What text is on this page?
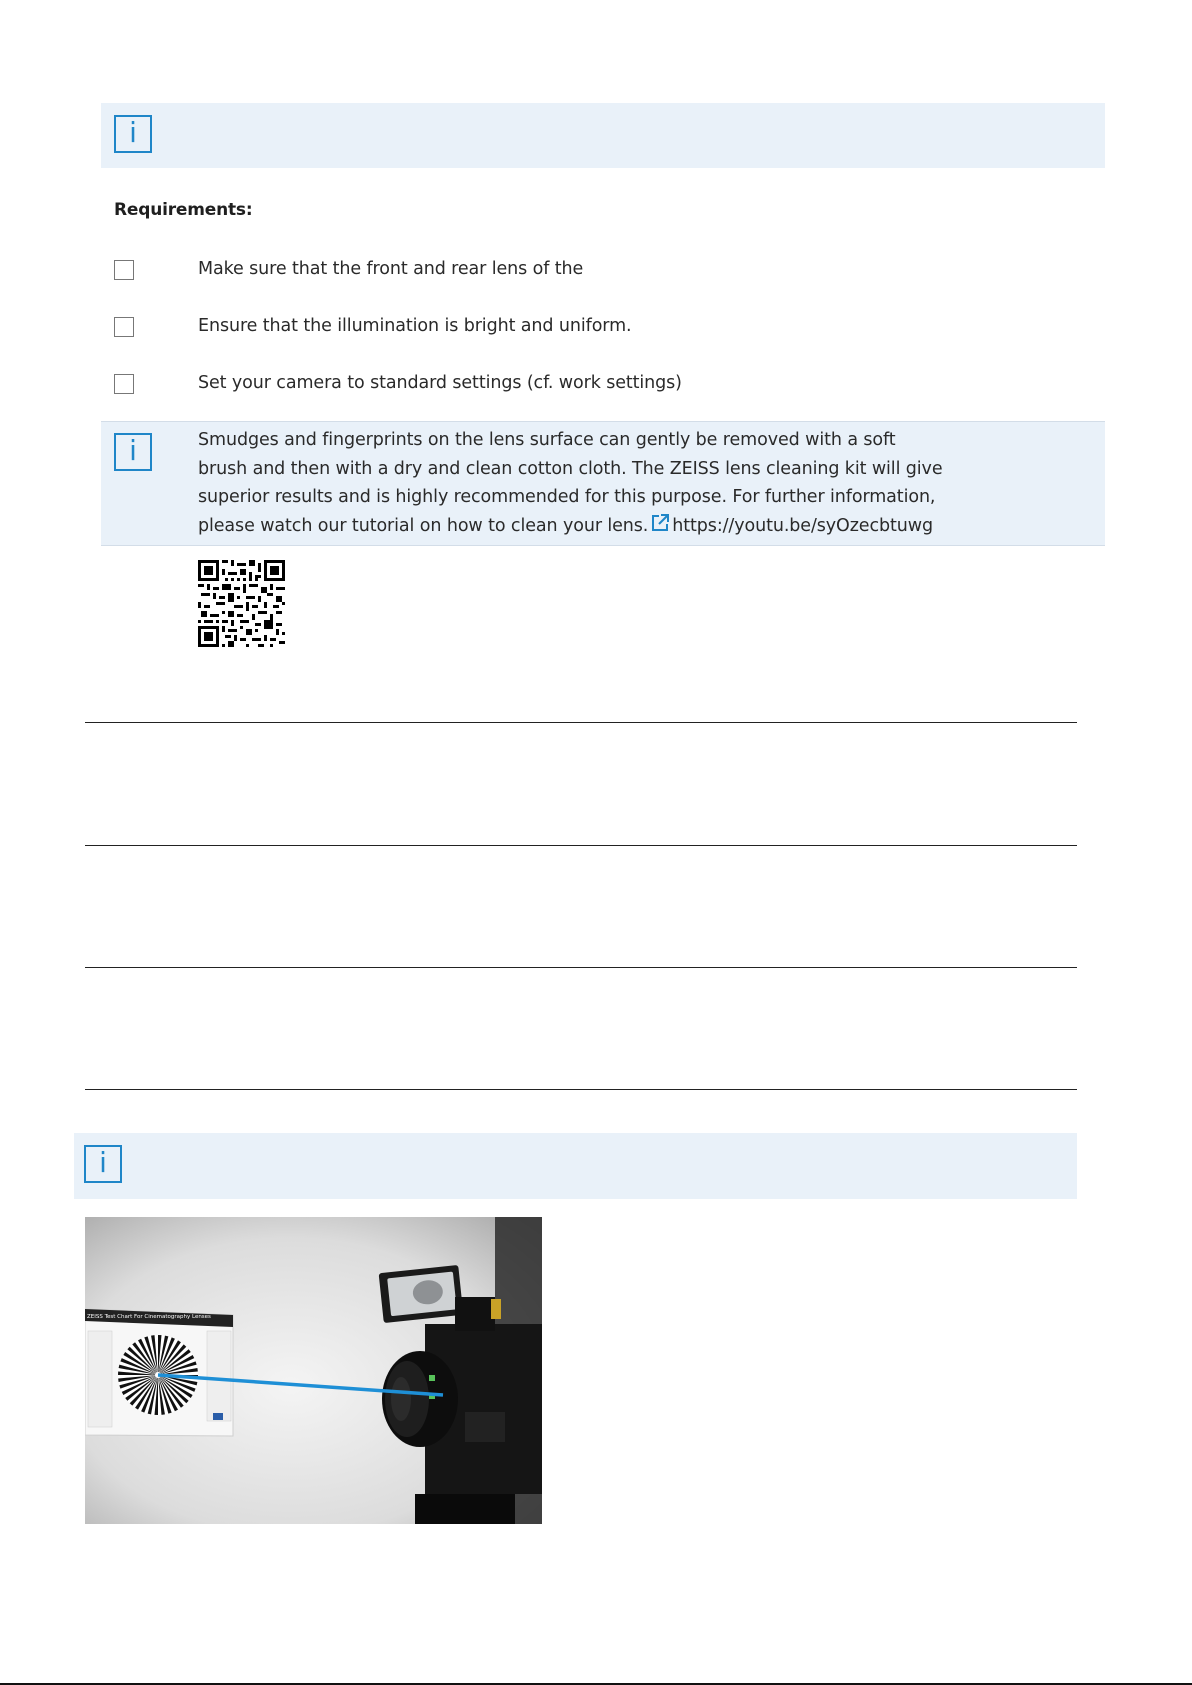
i
Requirements:
Make sure that the front and rear lens of the
Ensure that the illumination is bright and uniform.
Set your camera to standard settings (cf. work settings)
i	Smudges and fingerprints on the lens surface can gently be removed with a soft
brush and then with a dry and clean cotton cloth. The ZEISS lens cleaning kit will give
superior results and is highly recommended for this purpose. For further information,
please watch our tutorial on how to clean your lens. https://youtu.be/syOzecbtuwg
i
ZEISS Test Chart For Cinematography Lenses
